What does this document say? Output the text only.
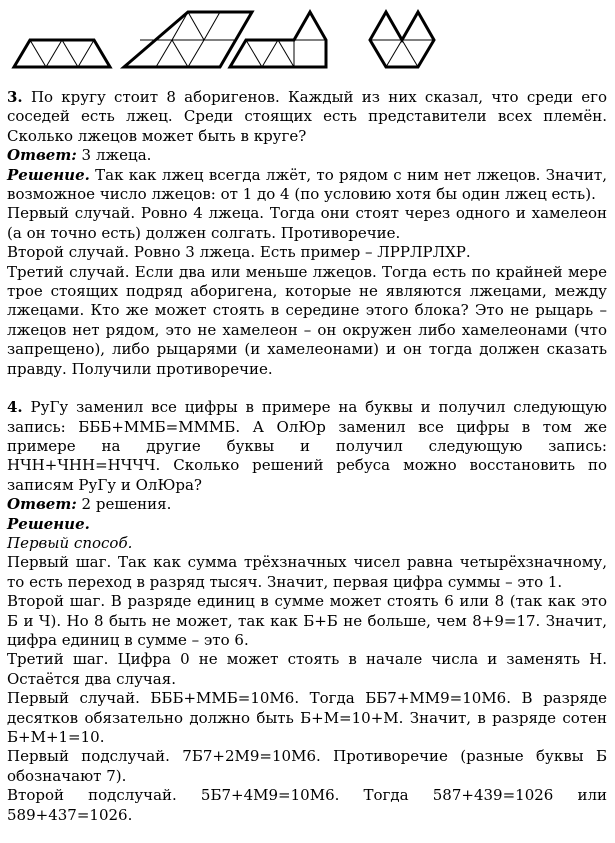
3. По кругу стоит 8 аборигенов. Каждый из них сказал, что среди его соседей есть лжец. Среди стоящих есть представители всех племён. Сколько лжецов может быть в круге?

Ответ: 3 лжеца.

Решение. Так как лжец всегда лжёт, то рядом с ним нет лжецов. Значит, возможное число лжецов: от 1 до 4 (по условию хотя бы один лжец есть).

Первый случай. Ровно 4 лжеца. Тогда они стоят через одного и хамелеон (а он точно есть) должен солгать. Противоречие.

Второй случай. Ровно 3 лжеца. Есть пример – ЛРРЛРЛХР.

Третий случай. Если два или меньше лжецов. Тогда есть по крайней мере трое стоящих подряд аборигена, которые не являются лжецами, между лжецами. Кто же может стоять в середине этого блока? Это не рыцарь – лжецов нет рядом, это не хамелеон – он окружен либо хамелеонами (что запрещено), либо рыцарями (и хамелеонами) и он тогда должен сказать правду. Получили противоречие.

4. РуГу заменил все цифры в примере на буквы и получил следующую запись: БББ+ММБ=МММБ. А ОлЮр заменил все цифры в том же примере на другие буквы и получил следующую запись: НЧН+ЧНН=НЧЧЧ. Сколько решений ребуса можно восстановить по записям РуГу и ОлЮра?

Ответ: 2 решения.

Решение.

Первый способ.

Первый шаг. Так как сумма трёхзначных чисел равна четырёхзначному, то есть переход в разряд тысяч. Значит, первая цифра суммы – это 1.

Второй шаг. В разряде единиц в сумме может стоять 6 или 8 (так как это Б и Ч). Но 8 быть не может, так как Б+Б не больше, чем 8+9=17. Значит, цифра единиц в сумме – это 6.

Третий шаг. Цифра 0 не может стоять в начале числа и заменять Н. Остаётся два случая.

Первый случай. БББ+ММБ=10М6. Тогда ББ7+ММ9=10М6. В разряде десятков обязательно должно быть Б+М=10+М. Значит, в разряде сотен Б+М+1=10.

Первый подслучай. 7Б7+2М9=10М6. Противоречие (разные буквы Б обозначают 7).

Второй подслучай. 5Б7+4М9=10М6. Тогда 587+439=1026 или 589+437=1026.
